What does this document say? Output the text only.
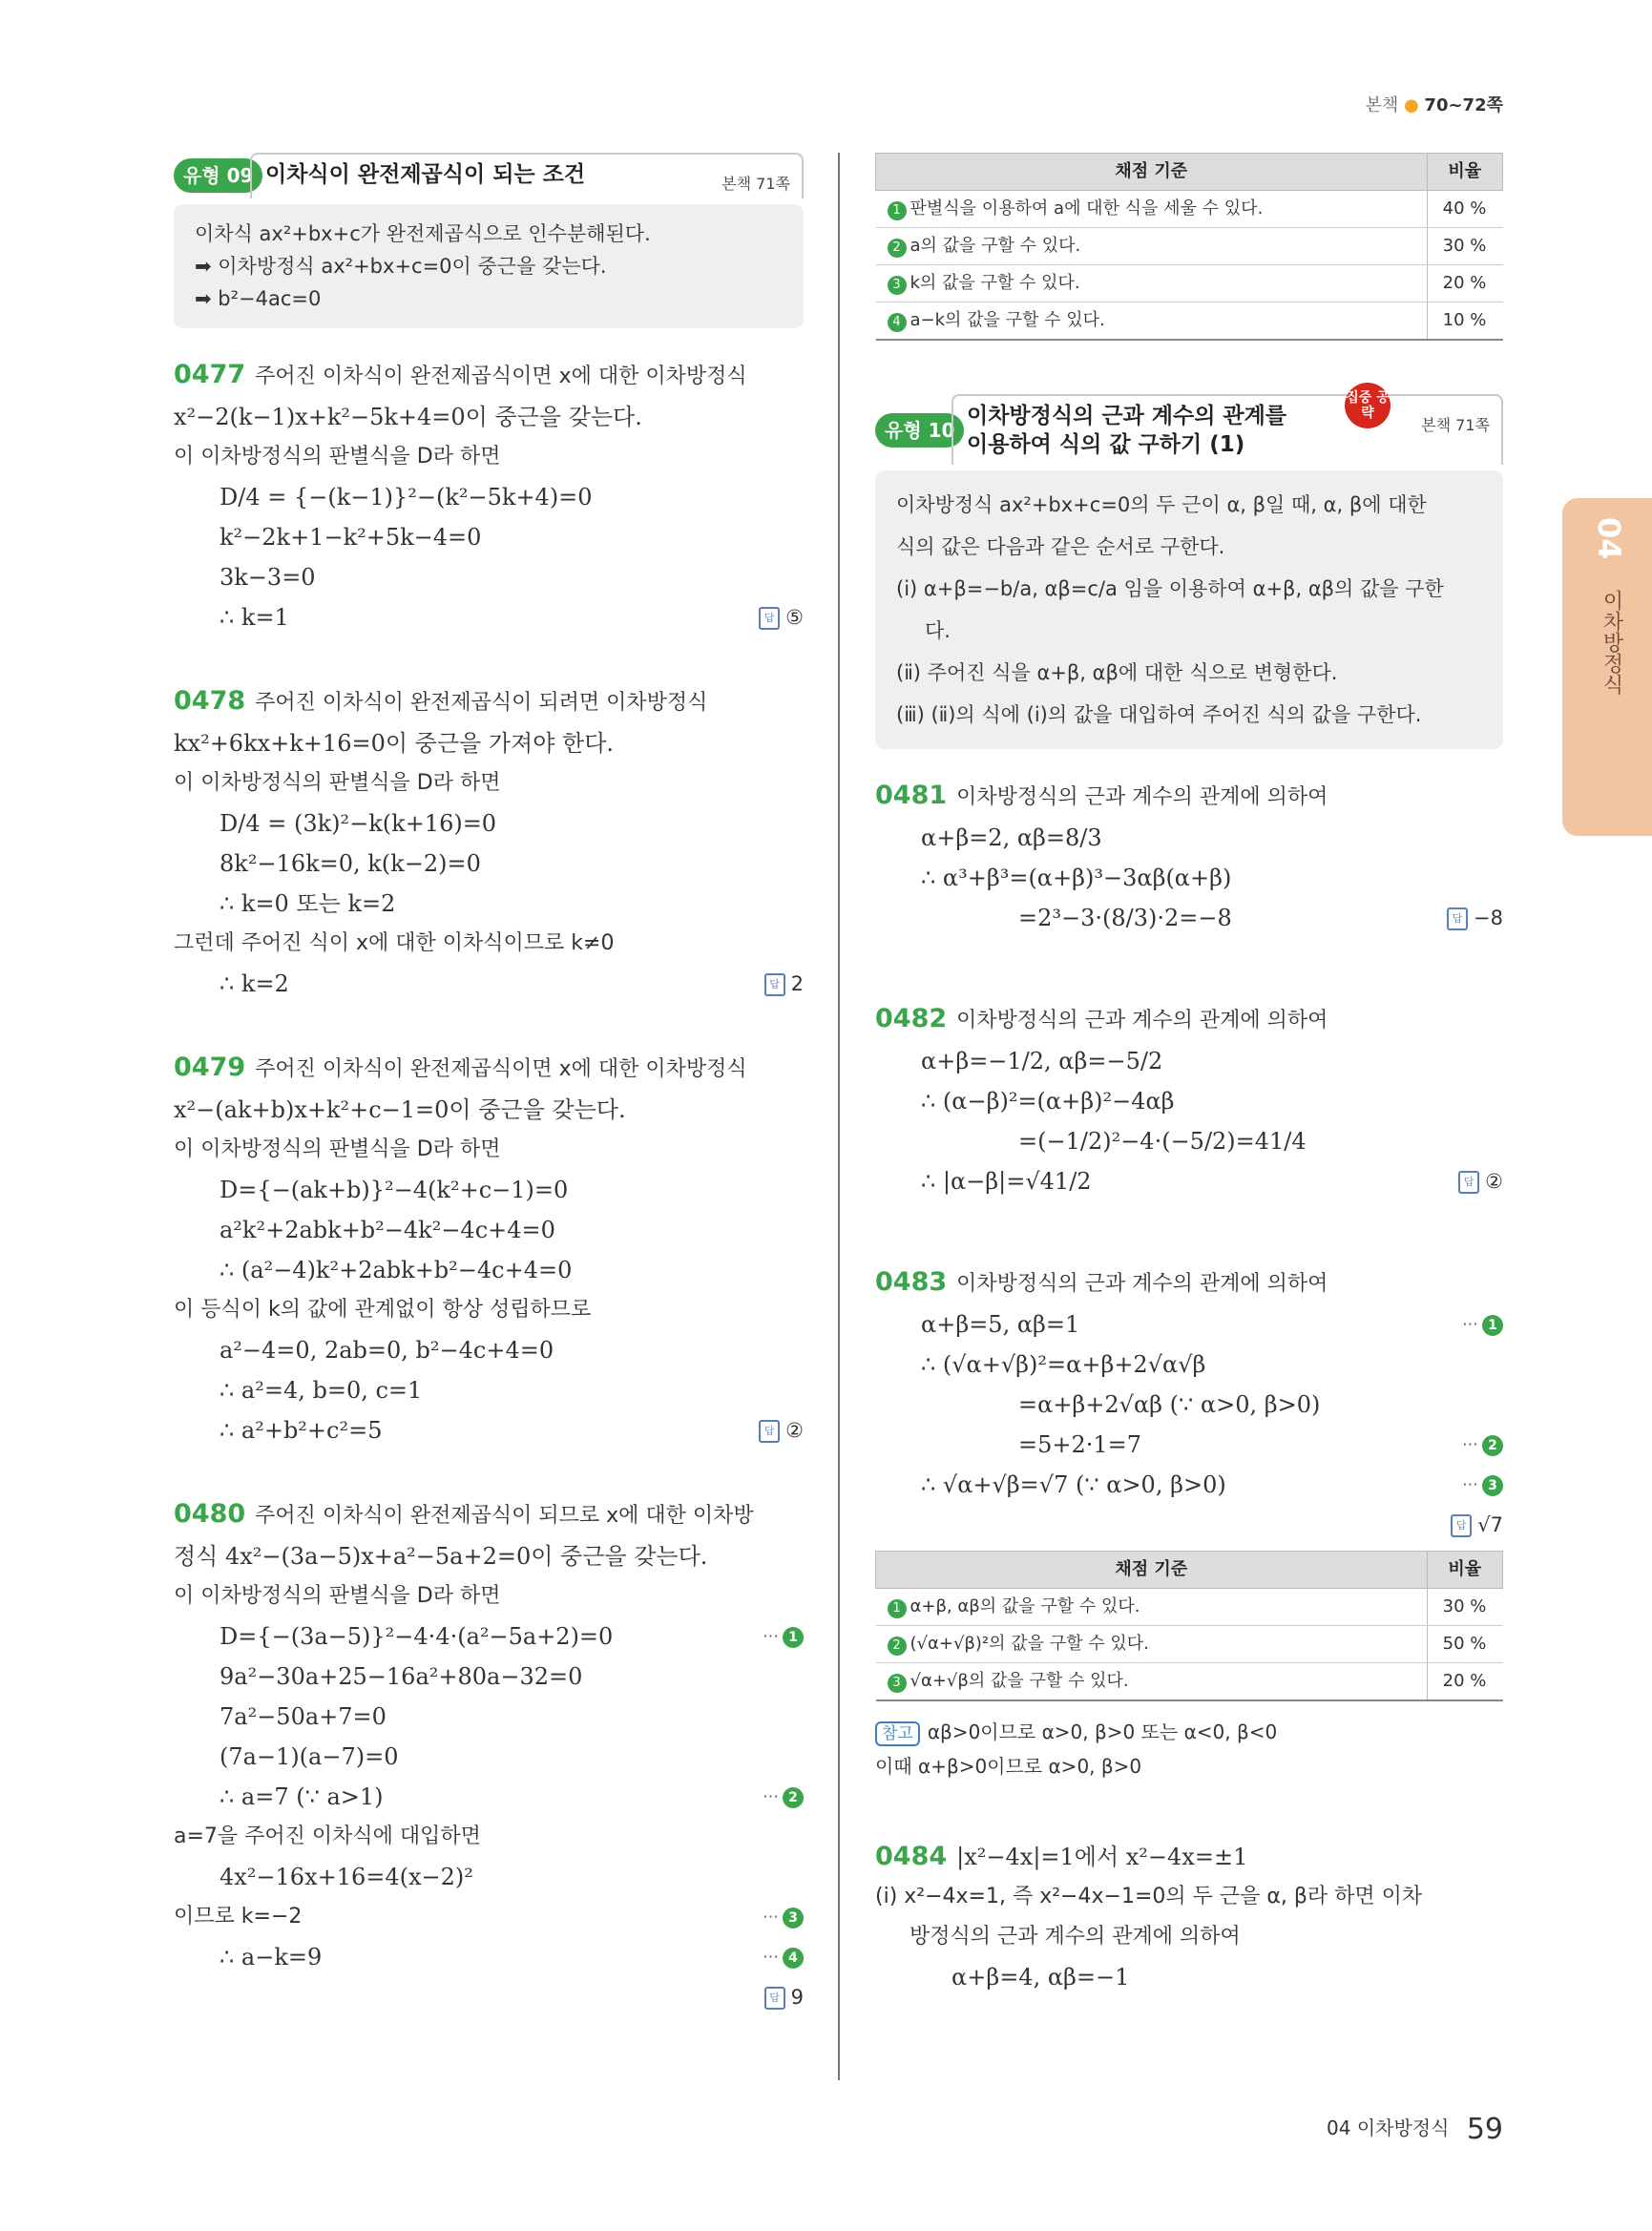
본책 ● 70~72쪽
유형 09 이차식이 완전제곱식이 되는 조건	본책 71쪽
이차식 ax²+bx+c가 완전제곱식으로 인수분해된다.
➡ 이차방정식 ax²+bx+c=0이 중근을 갖는다.
➡ b²−4ac=0
0477 주어진 이차식이 완전제곱식이면 x에 대한 이차방정식
x²−2(k−1)x+k²−5k+4=0이 중근을 갖는다.
이 이차방정식의 판별식을 D라 하면
D/4 = {−(k−1)}²−(k²−5k+4)=0
k²−2k+1−k²+5k−4=0
3k−3=0
∴ k=1	답 ⑤
0478 주어진 이차식이 완전제곱식이 되려면 이차방정식
kx²+6kx+k+16=0이 중근을 가져야 한다.
이 이차방정식의 판별식을 D라 하면
D/4 = (3k)²−k(k+16)=0
8k²−16k=0, k(k−2)=0
∴ k=0 또는 k=2
그런데 주어진 식이 x에 대한 이차식이므로 k≠0
∴ k=2	답 2
0479 주어진 이차식이 완전제곱식이면 x에 대한 이차방정식
x²−(ak+b)x+k²+c−1=0이 중근을 갖는다.
이 이차방정식의 판별식을 D라 하면
D={−(ak+b)}²−4(k²+c−1)=0
a²k²+2abk+b²−4k²−4c+4=0
∴ (a²−4)k²+2abk+b²−4c+4=0
이 등식이 k의 값에 관계없이 항상 성립하므로
a²−4=0, 2ab=0, b²−4c+4=0
∴ a²=4, b=0, c=1
∴ a²+b²+c²=5	답 ②
0480 주어진 이차식이 완전제곱식이 되므로 x에 대한 이차방
정식 4x²−(3a−5)x+a²−5a+2=0이 중근을 갖는다.
이 이차방정식의 판별식을 D라 하면
D={−(3a−5)}²−4·4·(a²−5a+2)=0	⋯ 1
9a²−30a+25−16a²+80a−32=0
7a²−50a+7=0
(7a−1)(a−7)=0
∴ a=7 (∵ a>1)	⋯ 2
a=7을 주어진 이차식에 대입하면
4x²−16x+16=4(x−2)²
이므로 k=−2	⋯ 3
∴ a−k=9	⋯ 4
답 9

채점 기준	비율
1 판별식을 이용하여 a에 대한 식을 세울 수 있다.	40 %
2 a의 값을 구할 수 있다.	30 %
3 k의 값을 구할 수 있다.	20 %
4 a−k의 값을 구할 수 있다.	10 %
유형 10
이차방정식의 근과 계수의 관계를
이용하여 식의 값 구하기 (1)
집중 공략
본책 71쪽
이차방정식 ax²+bx+c=0의 두 근이 α, β일 때, α, β에 대한
식의 값은 다음과 같은 순서로 구한다.
(ⅰ) α+β=−b/a, αβ=c/a 임을 이용하여 α+β, αβ의 값을 구한
다.
(ⅱ) 주어진 식을 α+β, αβ에 대한 식으로 변형한다.
(ⅲ) (ⅱ)의 식에 (ⅰ)의 값을 대입하여 주어진 식의 값을 구한다.
0481 이차방정식의 근과 계수의 관계에 의하여
α+β=2, αβ=8/3
∴ α³+β³=(α+β)³−3αβ(α+β)
=2³−3·(8/3)·2=−8	답 −8
0482 이차방정식의 근과 계수의 관계에 의하여
α+β=−1/2, αβ=−5/2
∴ (α−β)²=(α+β)²−4αβ
=(−1/2)²−4·(−5/2)=41/4
∴ |α−β|=√41/2	답 ②
0483 이차방정식의 근과 계수의 관계에 의하여
α+β=5, αβ=1	⋯ 1
∴ (√α+√β)²=α+β+2√α√β
=α+β+2√αβ (∵ α>0, β>0)
=5+2·1=7	⋯ 2
∴ √α+√β=√7 (∵ α>0, β>0)	⋯ 3
답 √7

채점 기준	비율
1 α+β, αβ의 값을 구할 수 있다.	30 %
2 (√α+√β)²의 값을 구할 수 있다.	50 %
3 √α+√β의 값을 구할 수 있다.	20 %
참고 αβ>0이므로 α>0, β>0 또는 α<0, β<0
이때 α+β>0이므로 α>0, β>0
0484 |x²−4x|=1에서 x²−4x=±1
(ⅰ) x²−4x=1, 즉 x²−4x−1=0의 두 근을 α, β라 하면 이차
방정식의 근과 계수의 관계에 의하여
α+β=4, αβ=−1
04
이차방정식
04 이차방정식 59
